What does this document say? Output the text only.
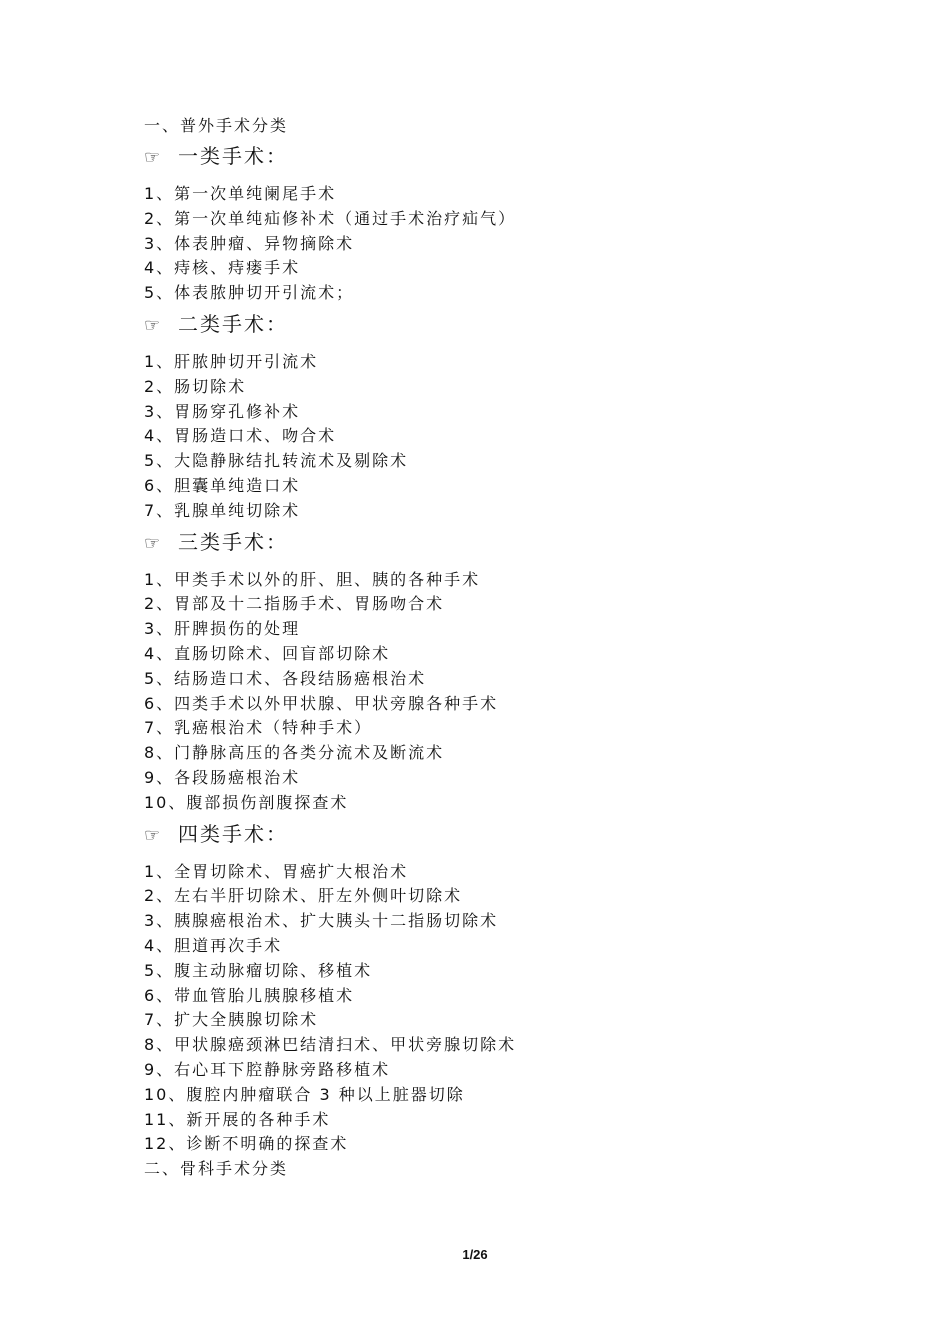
一、普外手术分类
☞ 一类手术：
1、第一次单纯阑尾手术
2、第一次单纯疝修补术（通过手术治疗疝气）
3、体表肿瘤、异物摘除术
4、痔核、痔瘘手术
5、体表脓肿切开引流术；
☞ 二类手术：
1、肝脓肿切开引流术
2、肠切除术
3、胃肠穿孔修补术
4、胃肠造口术、吻合术
5、大隐静脉结扎转流术及剔除术
6、胆囊单纯造口术
7、乳腺单纯切除术
☞ 三类手术：
1、甲类手术以外的肝、胆、胰的各种手术
2、胃部及十二指肠手术、胃肠吻合术
3、肝脾损伤的处理
4、直肠切除术、回盲部切除术
5、结肠造口术、各段结肠癌根治术
6、四类手术以外甲状腺、甲状旁腺各种手术
7、乳癌根治术（特种手术）
8、门静脉高压的各类分流术及断流术
9、各段肠癌根治术
10、腹部损伤剖腹探查术
☞ 四类手术：
1、全胃切除术、胃癌扩大根治术
2、左右半肝切除术、肝左外侧叶切除术
3、胰腺癌根治术、扩大胰头十二指肠切除术
4、胆道再次手术
5、腹主动脉瘤切除、移植术
6、带血管胎儿胰腺移植术
7、扩大全胰腺切除术
8、甲状腺癌颈淋巴结清扫术、甲状旁腺切除术
9、右心耳下腔静脉旁路移植术
10、腹腔内肿瘤联合 3 种以上脏器切除
11、新开展的各种手术
12、诊断不明确的探查术
二、骨科手术分类
1/26
